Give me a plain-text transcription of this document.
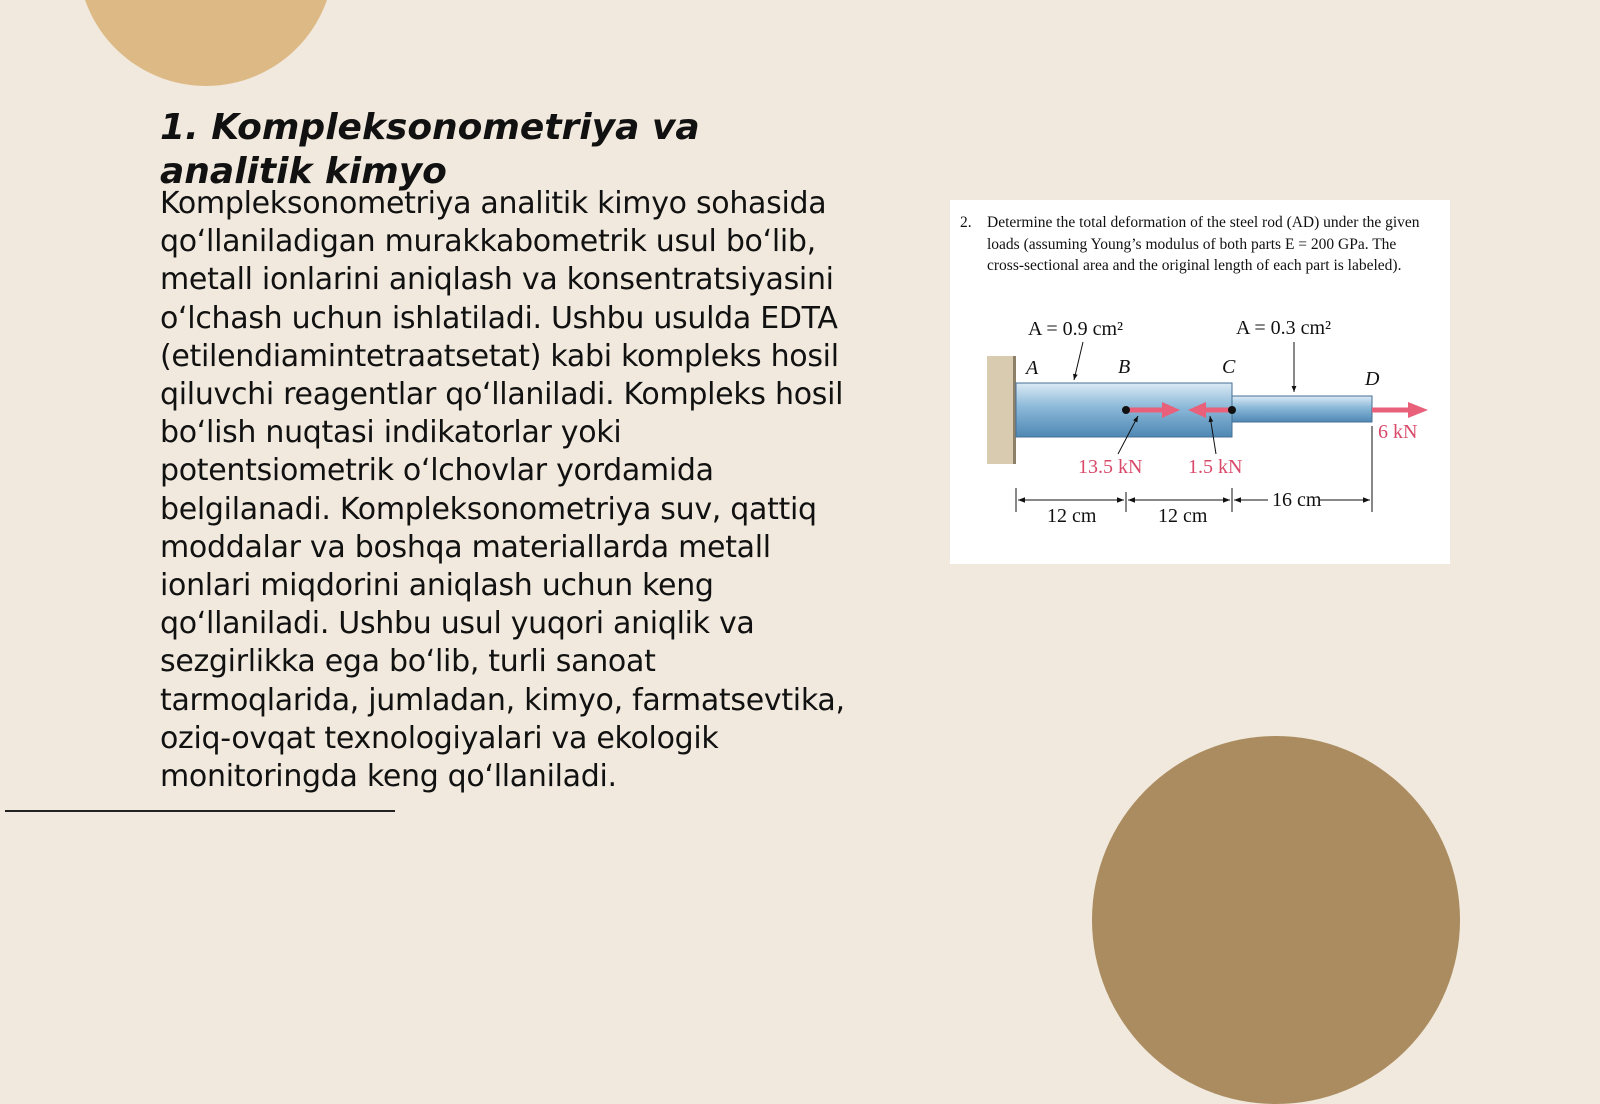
1. Kompleksonometriya va analitik kimyo

Kompleksonometriya analitik kimyo sohasida qo‘llaniladigan murakkabometrik usul bo‘lib, metall ionlarini aniqlash va konsentratsiyasini o‘lchash uchun ishlatiladi. Ushbu usulda EDTA (etilendiamintetraatsetat) kabi kompleks hosil qiluvchi reagentlar qo‘llaniladi. Kompleks hosil bo‘lish nuqtasi indikatorlar yoki potentsiometrik o‘lchovlar yordamida belgilanadi. Kompleksonometriya suv, qattiq moddalar va boshqa materiallarda metall ionlari miqdorini aniqlash uchun keng qo‘llaniladi. Ushbu usul yuqori aniqlik va sezgirlikka ega bo‘lib, turli sanoat tarmoqlarida, jumladan, kimyo, farmatsevtika, oziq-ovqat texnologiyalari va ekologik monitoringda keng qo‘llaniladi.

2. Determine the total deformation of the steel rod (AD) under the given loads (assuming Young’s modulus of both parts E = 200 GPa. The cross-sectional area and the original length of each part is labeled).
A = 0.9 cm²	A = 0.3 cm²
A	B	C
D
13.5 kN 1.5 kN
6 kN
12 cm	12 cm
16 cm
